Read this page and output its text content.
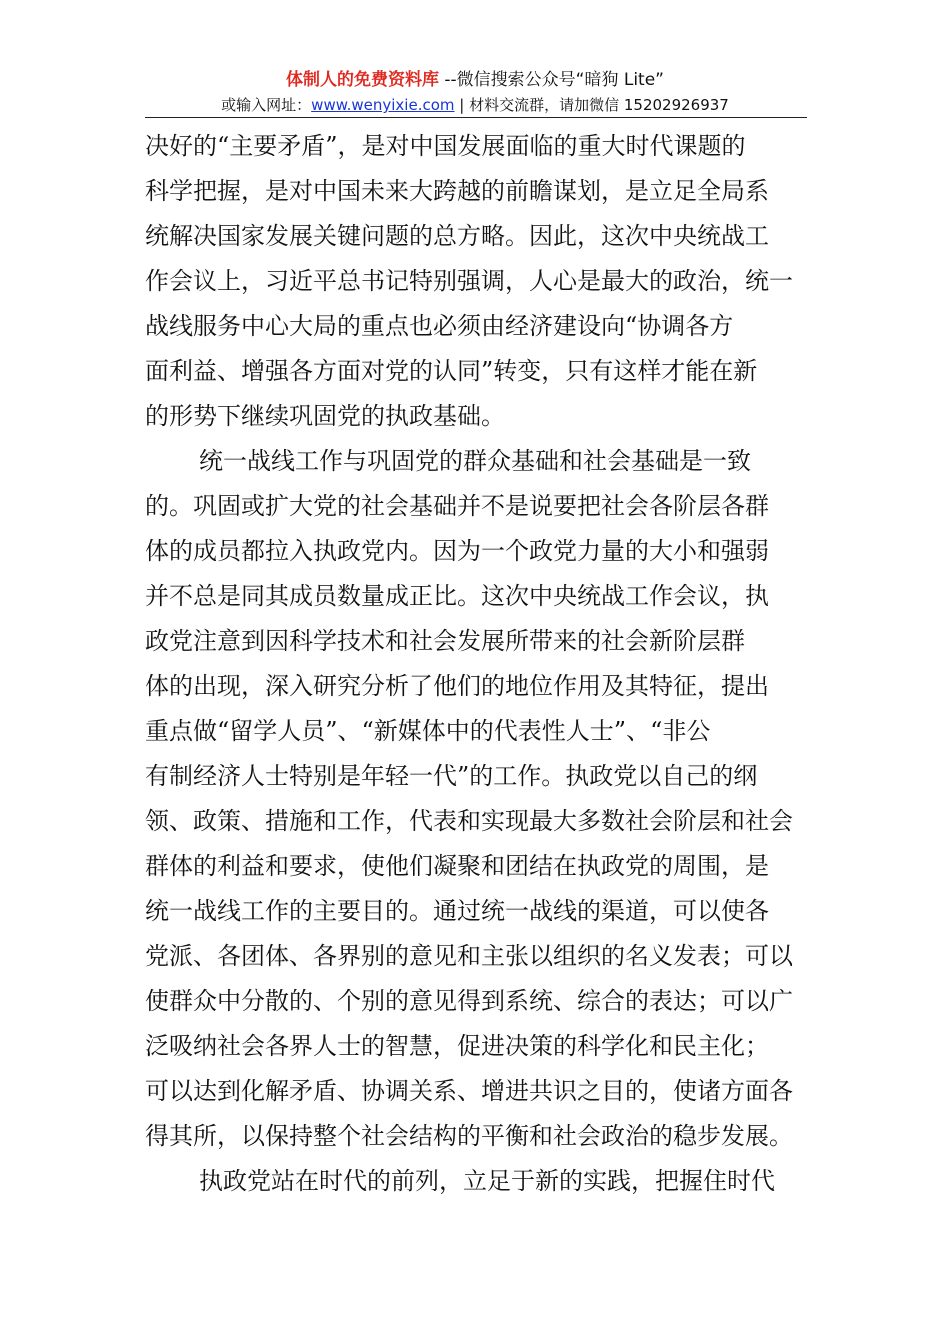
体制人的免费资料库 --微信搜索公众号“暗狗 Lite”
或输入网址：www.wenyixie.com | 材料交流群，请加微信 15202926937
决好的“主要矛盾”，是对中国发展面临的重大时代课题的
科学把握，是对中国未来大跨越的前瞻谋划，是立足全局系
统解决国家发展关键问题的总方略。因此，这次中央统战工
作会议上，习近平总书记特别强调，人心是最大的政治，统一
战线服务中心大局的重点也必须由经济建设向“协调各方
面利益、增强各方面对党的认同”转变，只有这样才能在新
的形势下继续巩固党的执政基础。
统一战线工作与巩固党的群众基础和社会基础是一致
的。巩固或扩大党的社会基础并不是说要把社会各阶层各群
体的成员都拉入执政党内。因为一个政党力量的大小和强弱
并不总是同其成员数量成正比。这次中央统战工作会议，执
政党注意到因科学技术和社会发展所带来的社会新阶层群
体的出现，深入研究分析了他们的地位作用及其特征，提出
重点做“留学人员”、“新媒体中的代表性人士”、“非公
有制经济人士特别是年轻一代”的工作。执政党以自己的纲
领、政策、措施和工作，代表和实现最大多数社会阶层和社会
群体的利益和要求，使他们凝聚和团结在执政党的周围，是
统一战线工作的主要目的。通过统一战线的渠道，可以使各
党派、各团体、各界别的意见和主张以组织的名义发表；可以
使群众中分散的、个别的意见得到系统、综合的表达；可以广
泛吸纳社会各界人士的智慧，促进决策的科学化和民主化；
可以达到化解矛盾、协调关系、增进共识之目的，使诸方面各
得其所，以保持整个社会结构的平衡和社会政治的稳步发展。
执政党站在时代的前列，立足于新的实践，把握住时代
